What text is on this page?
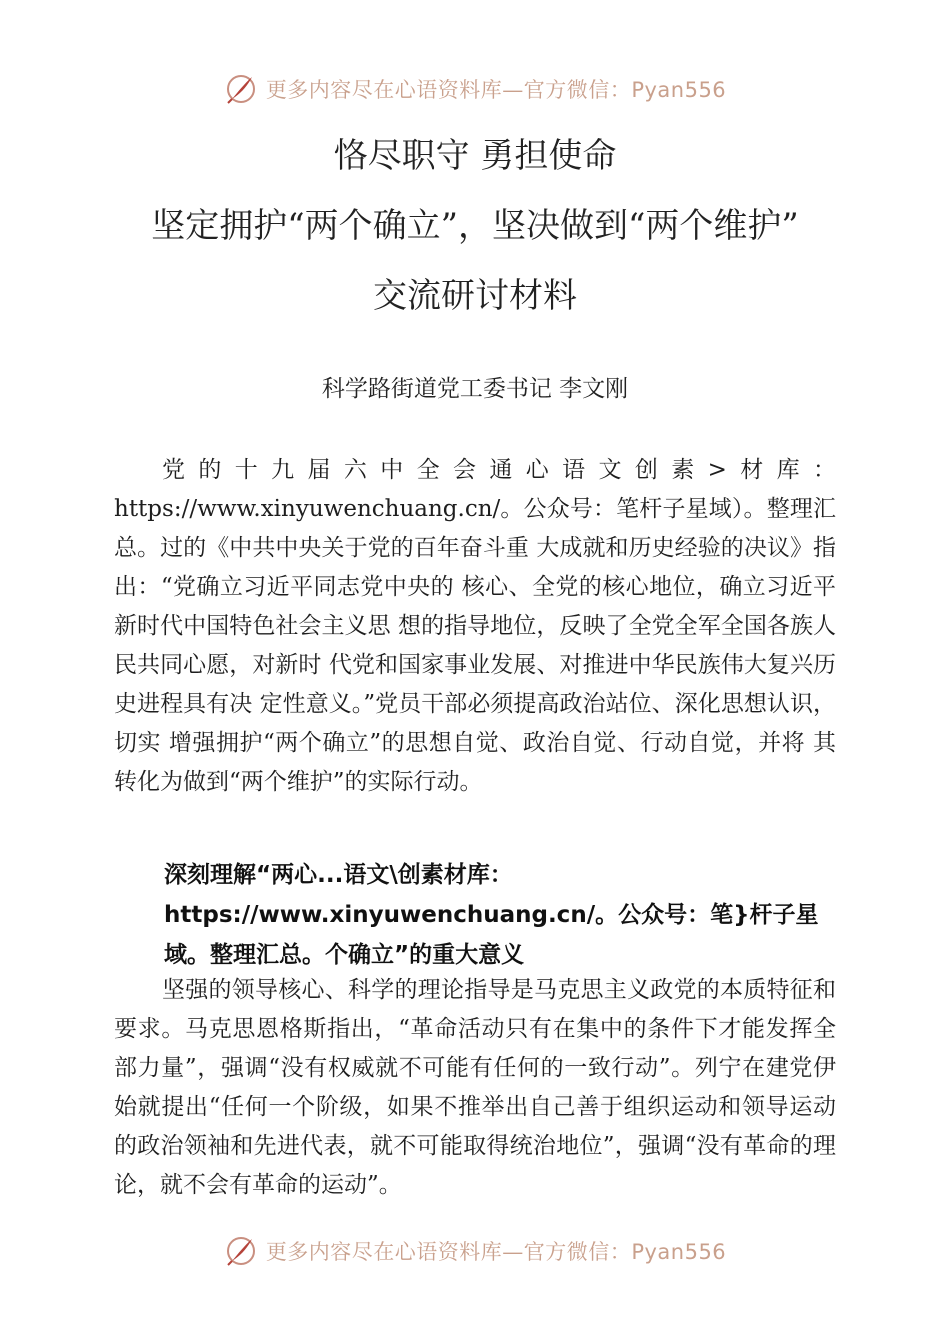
更多内容尽在心语资料库—官方微信：Pyan556
恪尽职守 勇担使命
坚定拥护“两个确立”，坚决做到“两个维护”
交流研讨材料
科学路街道党工委书记 李文刚
党的十九届六中全会通心语文创素>材库：https://www.xinyuwenchuang.cn/。公众号：笔杆子星域）。整理汇总。过的《中共中央关于党的百年奋斗重 大成就和历史经验的决议》指出：“党确立习近平同志党中央的 核心、全党的核心地位，确立习近平新时代中国特色社会主义思 想的指导地位，反映了全党全军全国各族人民共同心愿，对新时 代党和国家事业发展、对推进中华民族伟大复兴历史进程具有决 定性意义。”党员干部必须提高政治站位、深化思想认识，切实 增强拥护“两个确立”的思想自觉、政治自觉、行动自觉，并将 其转化为做到“两个维护”的实际行动。
深刻理解“两心...语文\创素材库：https://www.xinyuwenchuang.cn/。公众号：笔}杆子星域。整理汇总。个确立”的重大意义
坚强的领导核心、科学的理论指导是马克思主义政党的本质特征和要求。马克思恩格斯指出，“革命活动只有在集中的条件下才能发挥全部力量”，强调“没有权威就不可能有任何的一致行动”。列宁在建党伊始就提出“任何一个阶级，如果不推举出自己善于组织运动和领导运动的政治领袖和先进代表，就不可能取得统治地位”，强调“没有革命的理论，就不会有革命的运动”。
更多内容尽在心语资料库—官方微信：Pyan556
